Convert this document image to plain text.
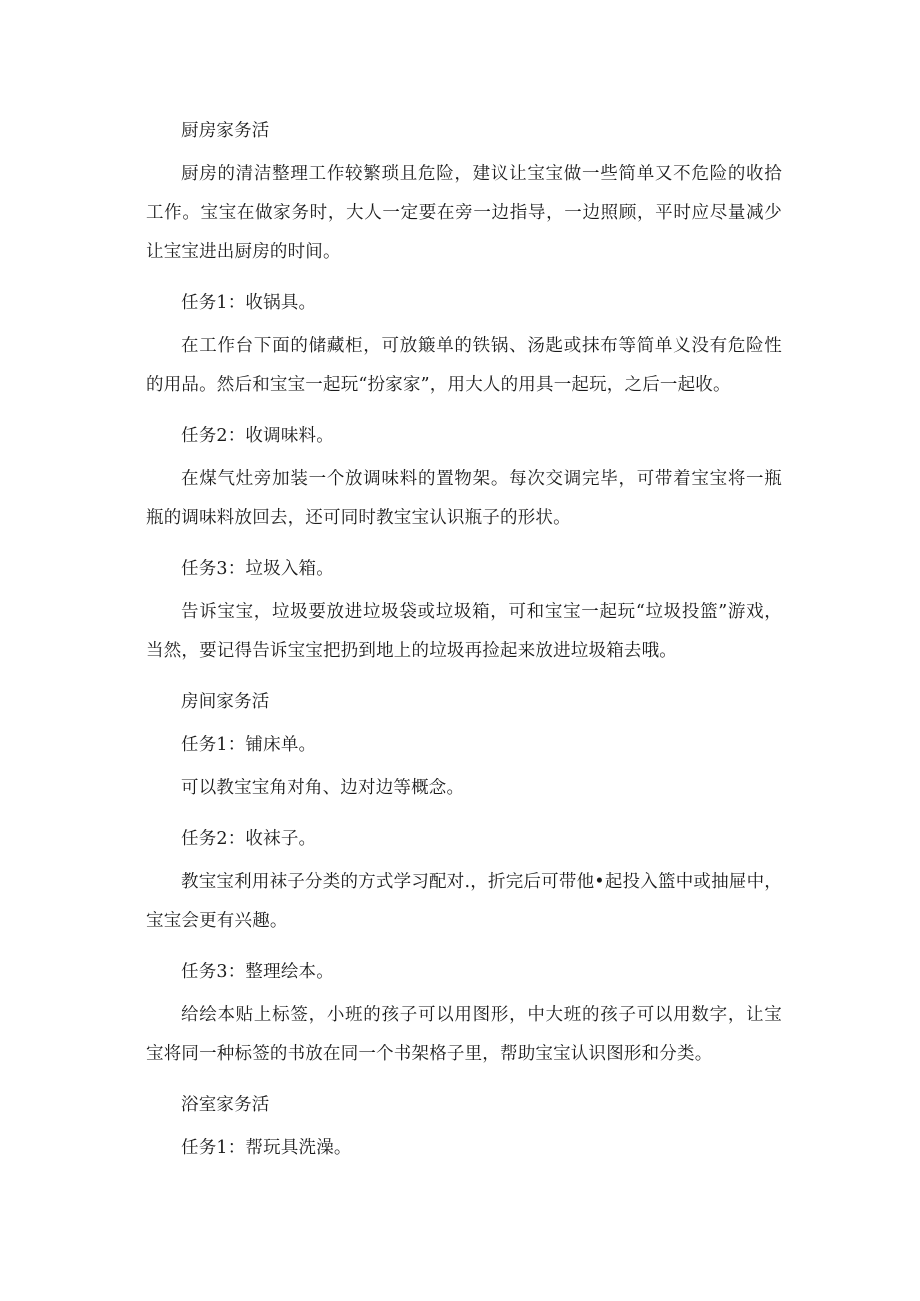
厨房家务活

厨房的清洁整理工作较繁琐且危险，建议让宝宝做一些简单又不危险的收拾工作。宝宝在做家务时，大人一定要在旁一边指导，一边照顾，平时应尽量减少让宝宝进出厨房的时间。

任务1：收锅具。

在工作台下面的储藏柜，可放簸单的铁锅、汤匙或抹布等简单义没有危险性的用品。然后和宝宝一起玩“扮家家”，用大人的用具一起玩，之后一起收。

任务2：收调味料。

在煤气灶旁加装一个放调味料的置物架。每次交调完毕，可带着宝宝将一瓶瓶的调味料放回去，还可同时教宝宝认识瓶子的形状。

任务3：垃圾入箱。

告诉宝宝，垃圾要放进垃圾袋或垃圾箱，可和宝宝一起玩“垃圾投篮”游戏，当然，要记得告诉宝宝把扔到地上的垃圾再捡起来放进垃圾箱去哦。

房间家务活

任务1：铺床单。

可以教宝宝角对角、边对边等概念。

任务2：收袜子。

教宝宝利用袜子分类的方式学习配对.，折完后可带他•起投入篮中或抽屉中，宝宝会更有兴趣。

任务3：整理绘本。

给绘本贴上标签，小班的孩子可以用图形，中大班的孩子可以用数字，让宝宝将同一种标签的书放在同一个书架格子里，帮助宝宝认识图形和分类。

浴室家务活

任务1：帮玩具洗澡。
